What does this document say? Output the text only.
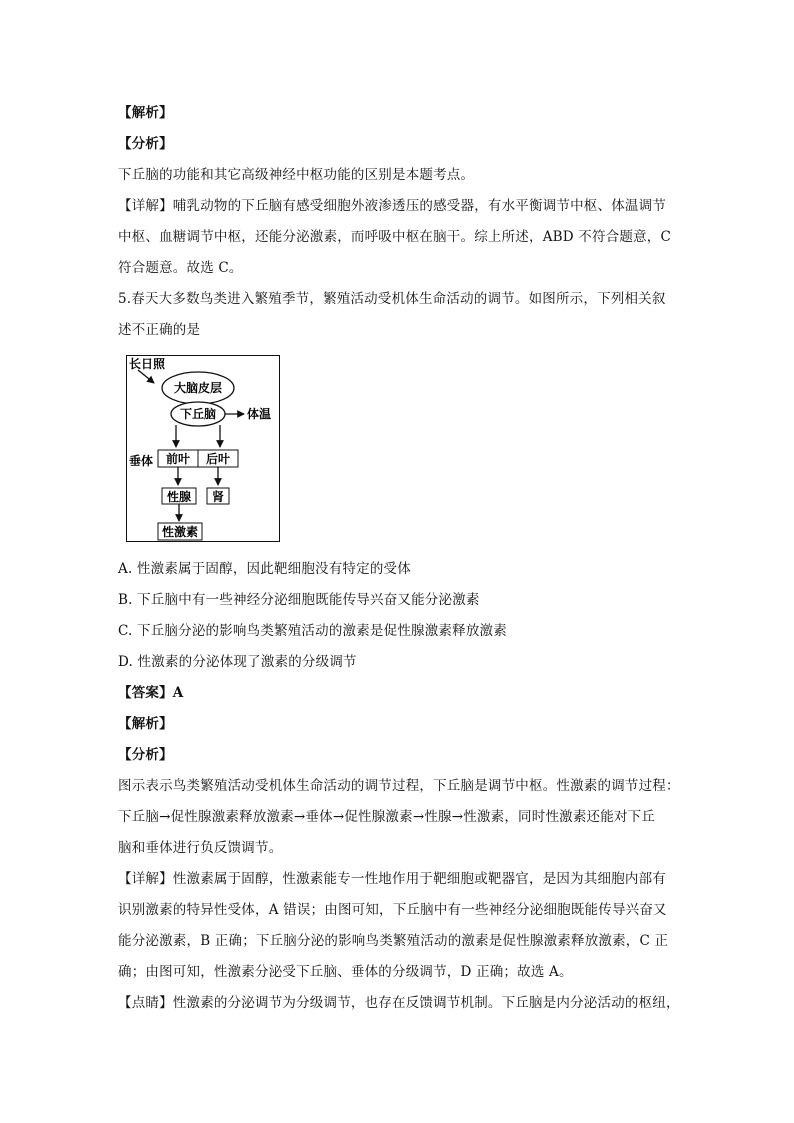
【解析】
【分析】
下丘脑的功能和其它高级神经中枢功能的区别是本题考点。
【详解】哺乳动物的下丘脑有感受细胞外液渗透压的感受器，有水平衡调节中枢、体温调节
中枢、血糖调节中枢，还能分泌激素，而呼吸中枢在脑干。综上所述，ABD 不符合题意，C
符合题意。故选 C。
5.春天大多数鸟类进入繁殖季节，繁殖活动受机体生命活动的调节。如图所示，下列相关叙
述不正确的是
长日照
大脑皮层
下丘脑	体温
垂体 前叶 后叶
性腺 肾
性激素
A. 性激素属于固醇，因此靶细胞没有特定的受体
B. 下丘脑中有一些神经分泌细胞既能传导兴奋又能分泌激素
C. 下丘脑分泌的影响鸟类繁殖活动的激素是促性腺激素释放激素
D. 性激素的分泌体现了激素的分级调节
【答案】A
【解析】
【分析】
图示表示鸟类繁殖活动受机体生命活动的调节过程，下丘脑是调节中枢。性激素的调节过程：
下丘脑→促性腺激素释放激素→垂体→促性腺激素→性腺→性激素，同时性激素还能对下丘
脑和垂体进行负反馈调节。
【详解】性激素属于固醇，性激素能专一性地作用于靶细胞或靶器官，是因为其细胞内部有
识别激素的特异性受体，A 错误；由图可知，下丘脑中有一些神经分泌细胞既能传导兴奋又
能分泌激素，B 正确；下丘脑分泌的影响鸟类繁殖活动的激素是促性腺激素释放激素，C 正
确；由图可知，性激素分泌受下丘脑、垂体的分级调节，D 正确；故选 A。
【点睛】性激素的分泌调节为分级调节，也存在反馈调节机制。下丘脑是内分泌活动的枢纽，
